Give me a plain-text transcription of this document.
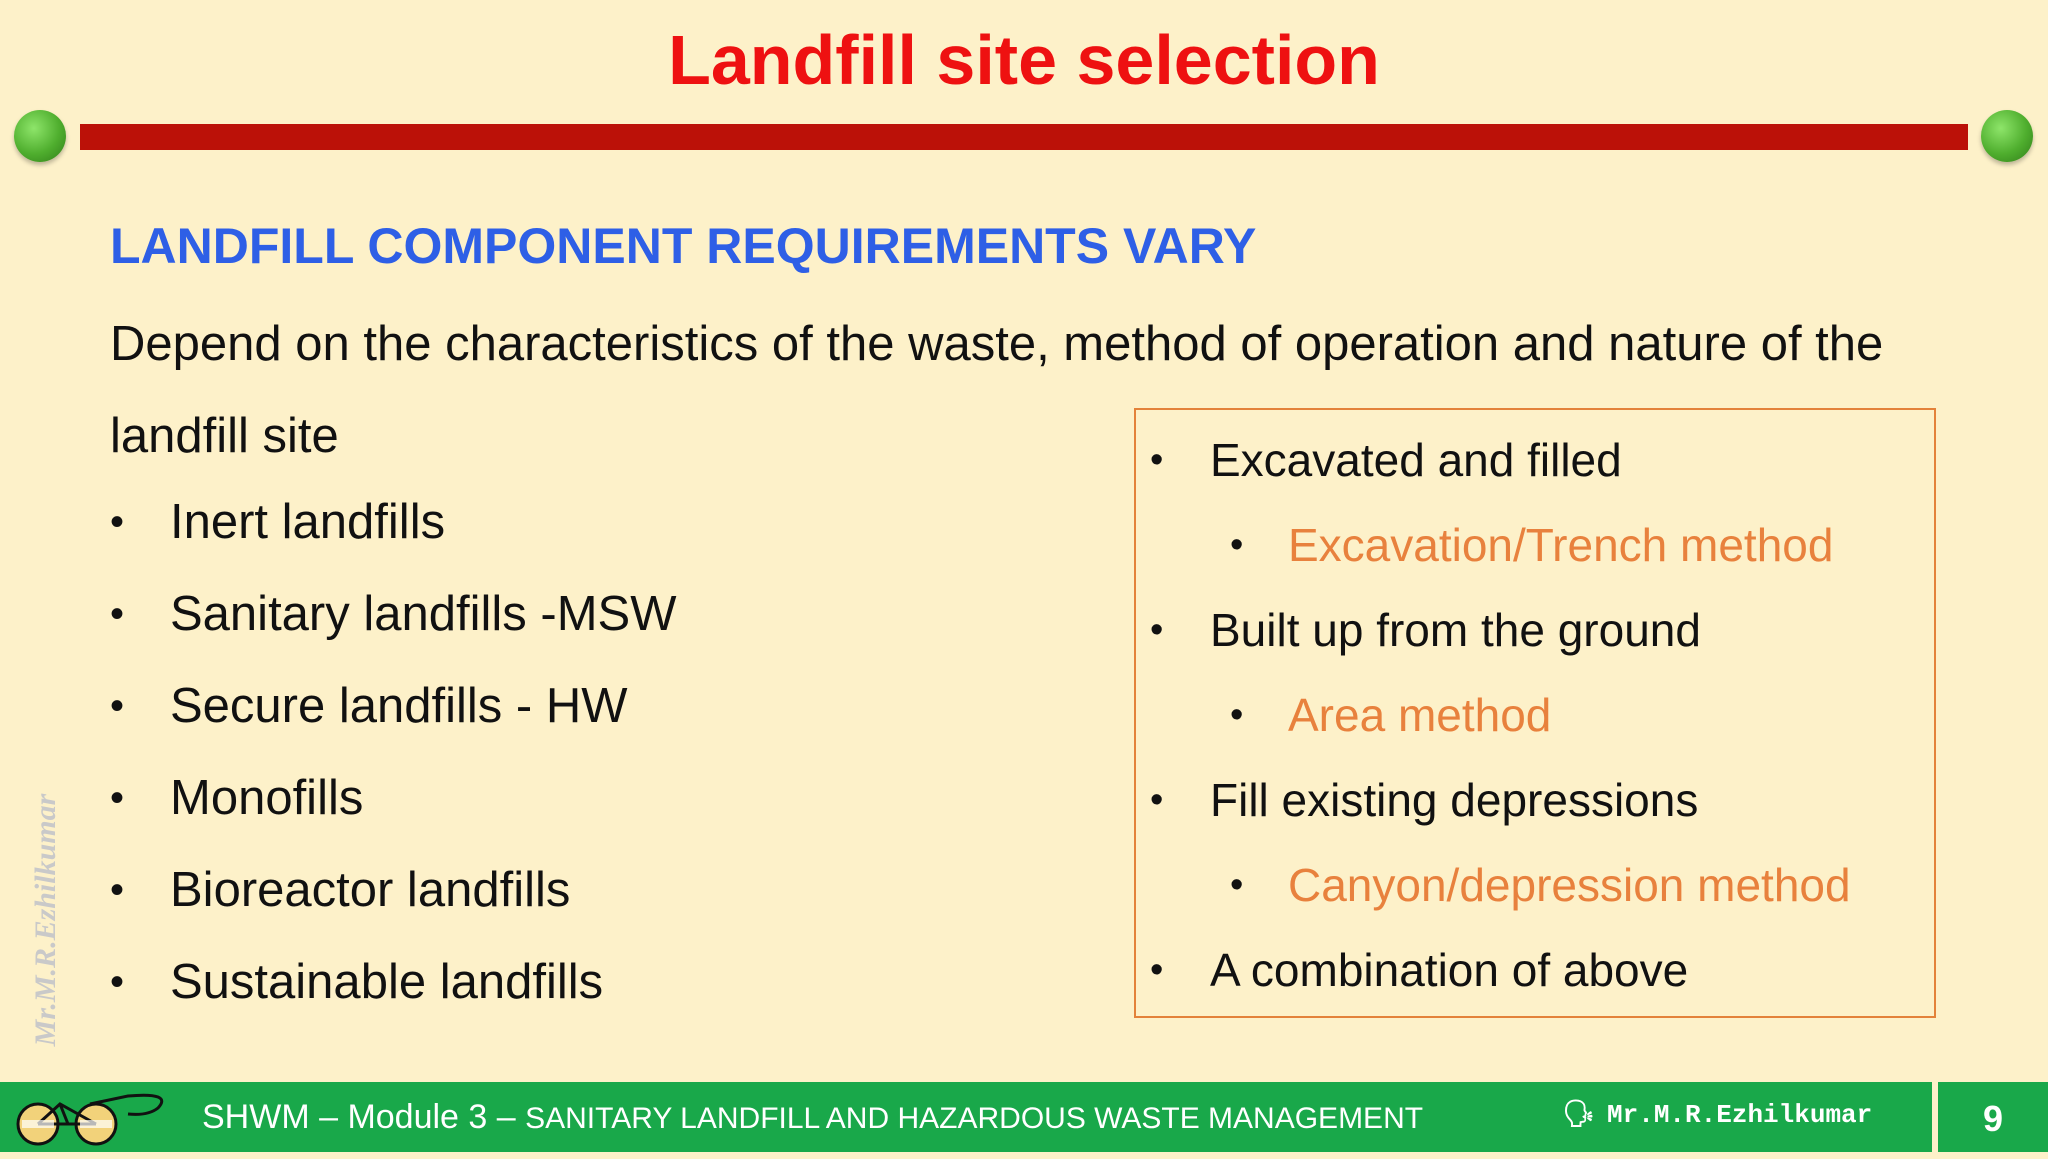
Landfill site selection
LANDFILL COMPONENT REQUIREMENTS VARY
Depend on the characteristics of the waste, method of operation and nature of the landfill site
• Inert landfills
• Sanitary landfills -MSW
• Secure landfills - HW
• Monofills
• Bioreactor landfills
• Sustainable landfills
• Excavated and filled
• Excavation/Trench method
• Built up from the ground
• Area method
• Fill existing depressions
• Canyon/depression method
• A combination of above
Mr.M.R.Ezhilkumar
SHWM – Module 3 – SANITARY LANDFILL AND HAZARDOUS WASTE MANAGEMENT	🗣 Mr.M.R.Ezhilkumar	9
